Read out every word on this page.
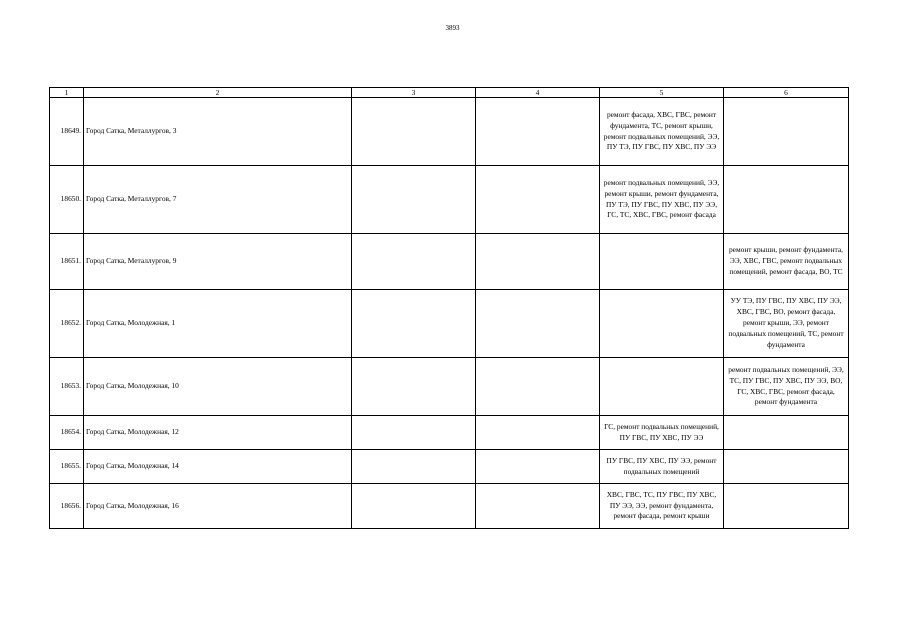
3893
1	2	3	4	5	6
18649.	Город Сатка, Металлургов, 3			ремонт фасада, ХВС, ГВС, ремонт фундамента, ТС, ремонт крыши, ремонт подвальных помещений, ЭЭ, ПУ ТЭ, ПУ ГВС, ПУ ХВС, ПУ ЭЭ	
18650.	Город Сатка, Металлургов, 7			ремонт подвальных помещений, ЭЭ, ремонт крыши, ремонт фундамента, ПУ ТЭ, ПУ ГВС, ПУ ХВС, ПУ ЭЭ, ГС, ТС, ХВС, ГВС, ремонт фасада	
18651.	Город Сатка, Металлургов, 9				ремонт крыши, ремонт фундамента, ЭЭ, ХВС, ГВС, ремонт подвальных помещений, ремонт фасада, ВО, ТС
18652.	Город Сатка, Молодежная, 1				УУ ТЭ, ПУ ГВС, ПУ ХВС, ПУ ЭЭ, ХВС, ГВС, ВО, ремонт фасада, ремонт крыши, ЭЭ, ремонт подвальных помещений, ТС, ремонт фундамента
18653.	Город Сатка, Молодежная, 10				ремонт подвальных помещений, ЭЭ, ТС, ПУ ГВС, ПУ ХВС, ПУ ЭЭ, ВО, ГС, ХВС, ГВС, ремонт фасада, ремонт фундамента
18654.	Город Сатка, Молодежная, 12			ГС, ремонт подвальных помещений, ПУ ГВС, ПУ ХВС, ПУ ЭЭ	
18655.	Город Сатка, Молодежная, 14			ПУ ГВС, ПУ ХВС, ПУ ЭЭ, ремонт подвальных помещений	
18656.	Город Сатка, Молодежная, 16			ХВС, ГВС, ТС, ПУ ГВС, ПУ ХВС, ПУ ЭЭ, ЭЭ, ремонт фундамента, ремонт фасада, ремонт крыши	
